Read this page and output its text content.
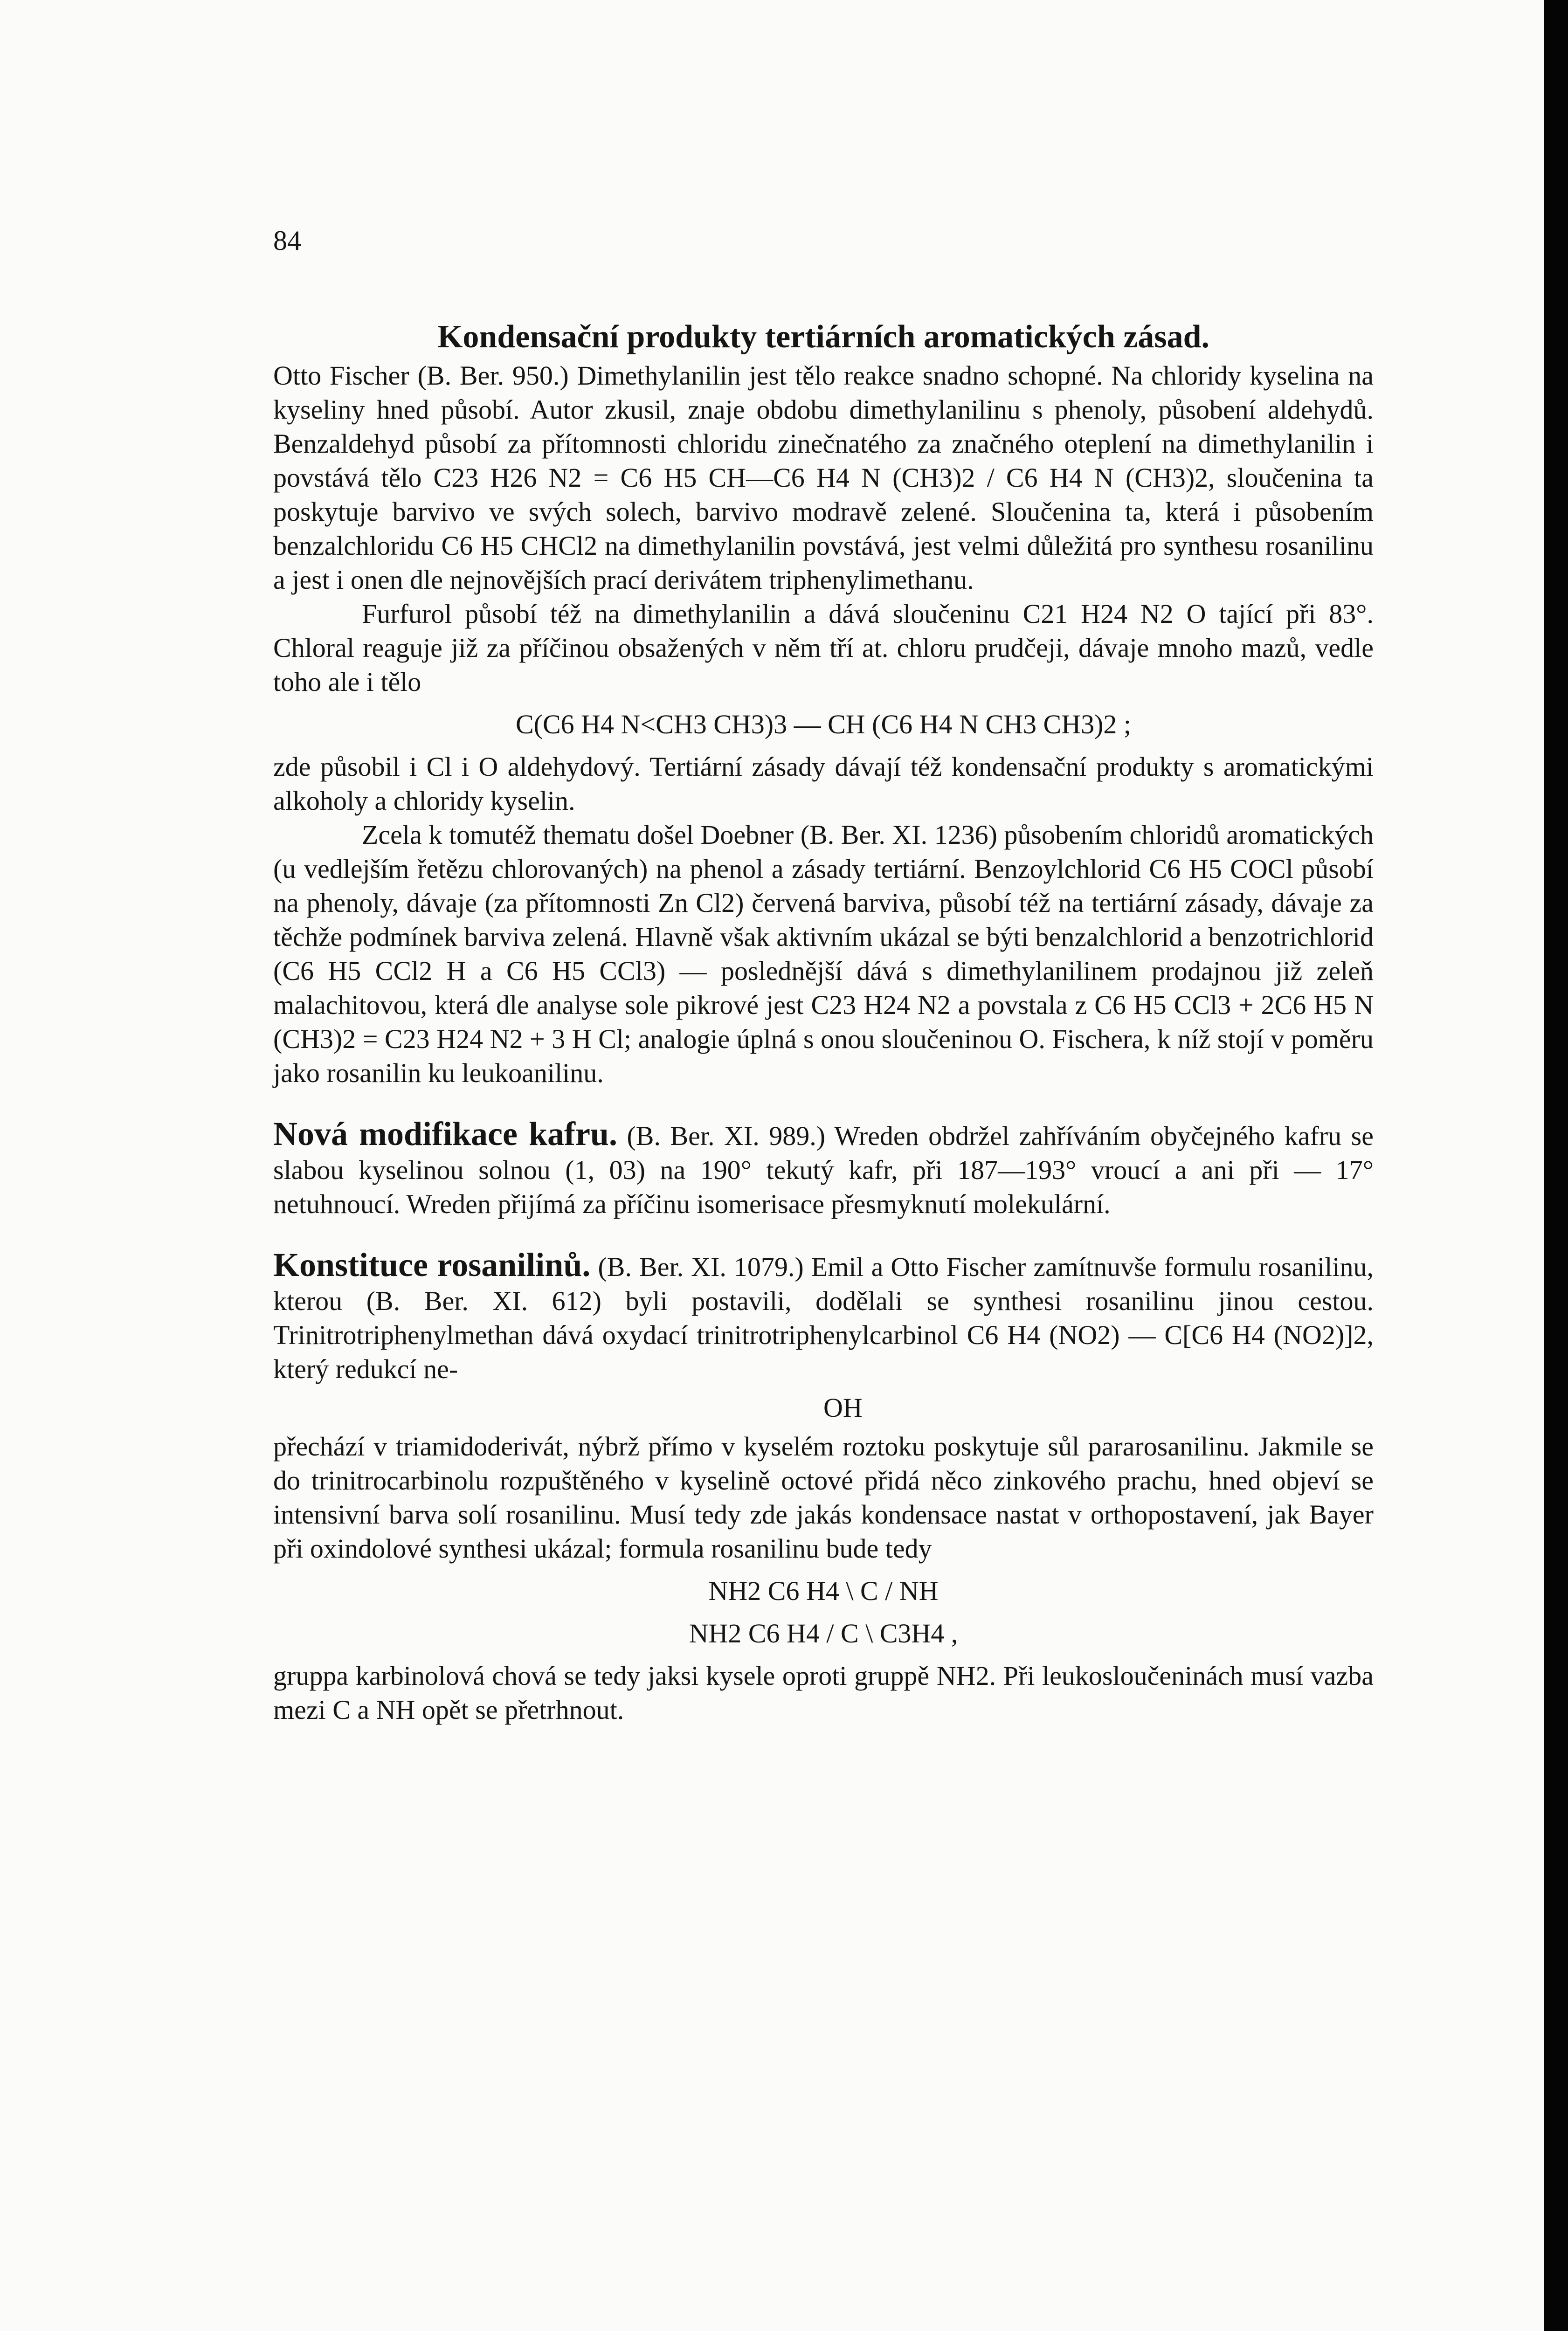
84
Kondensační produkty tertiárních aromatických zásad.

Otto Fischer (B. Ber. 950.) Dimethylanilin jest tělo reakce snadno schopné. Na chloridy kyselina na kyseliny hned působí. Autor zkusil, znaje obdobu dimethylanilinu s phenoly, působení aldehydů. Benzaldehyd působí za přítomnosti chloridu zinečnatého za značného oteplení na dimethylanilin i povstává tělo C23 H26 N2 = C6 H5 CH—C6 H4 N (CH3)2 / C6 H4 N (CH3)2, sloučenina ta poskytuje barvivo ve svých solech, barvivo modravě zelené. Sloučenina ta, která i působením benzalchloridu C6 H5 CHCl2 na dimethylanilin povstává, jest velmi důležitá pro synthesu rosanilinu a jest i onen dle nejnovějších prací derivátem triphenylimethanu.

Furfurol působí též na dimethylanilin a dává sloučeninu C21 H24 N2 O tající při 83°. Chloral reaguje již za příčinou obsažených v něm tří at. chloru prudčeji, dávaje mnoho mazů, vedle toho ale i tělo

C(C6 H4 N<CH3 CH3)3 — CH (C6 H4 N CH3 CH3)2 ;

zde působil i Cl i O aldehydový. Tertiární zásady dávají též kondensační produkty s aromatickými alkoholy a chloridy kyselin.

Zcela k tomutéž thematu došel Doebner (B. Ber. XI. 1236) působením chloridů aromatických (u vedlejším řetězu chlorovaných) na phenol a zásady tertiární. Benzoylchlorid C6 H5 COCl působí na phenoly, dávaje (za přítomnosti Zn Cl2) červená barviva, působí též na tertiární zásady, dávaje za těchže podmínek barviva zelená. Hlavně však aktivním ukázal se býti benzalchlorid a benzotrichlorid (C6 H5 CCl2 H a C6 H5 CCl3) — poslednější dává s dimethylanilinem prodajnou již zeleň malachitovou, která dle analyse sole pikrové jest C23 H24 N2 a povstala z C6 H5 CCl3 + 2C6 H5 N (CH3)2 = C23 H24 N2 + 3 H Cl; analogie úplná s onou sloučeninou O. Fischera, k níž stojí v poměru jako rosanilin ku leukoanilinu.

Nová modifikace kafru. (B. Ber. XI. 989.) Wreden obdržel zahříváním obyčejného kafru se slabou kyselinou solnou (1, 03) na 190° tekutý kafr, při 187—193° vroucí a ani při — 17° netuhnoucí. Wreden přijímá za příčinu isomerisace přesmyknutí molekulární.

Konstituce rosanilinů. (B. Ber. XI. 1079.) Emil a Otto Fischer zamítnuvše formulu rosanilinu, kterou (B. Ber. XI. 612) byli postavili, dodělali se synthesi rosanilinu jinou cestou. Trinitrotriphenylmethan dává oxydací trinitrotriphenylcarbinol C6 H4 (NO2) — C[C6 H4 (NO2)]2, který redukcí ne-

OH

přechází v triamidoderivát, nýbrž přímo v kyselém roztoku poskytuje sůl pararosanilinu. Jakmile se do trinitrocarbinolu rozpuštěného v kyselině octové přidá něco zinkového prachu, hned objeví se intensivní barva solí rosanilinu. Musí tedy zde jakás kondensace nastat v orthopostavení, jak Bayer při oxindolové synthesi ukázal; formula rosanilinu bude tedy

NH2 C6 H4 \ C / NH
NH2 C6 H4 / C \ C3H4 ,

gruppa karbinolová chová se tedy jaksi kysele oproti gruppě NH2. Při leukosloučeninách musí vazba mezi C a NH opět se přetrhnout.
